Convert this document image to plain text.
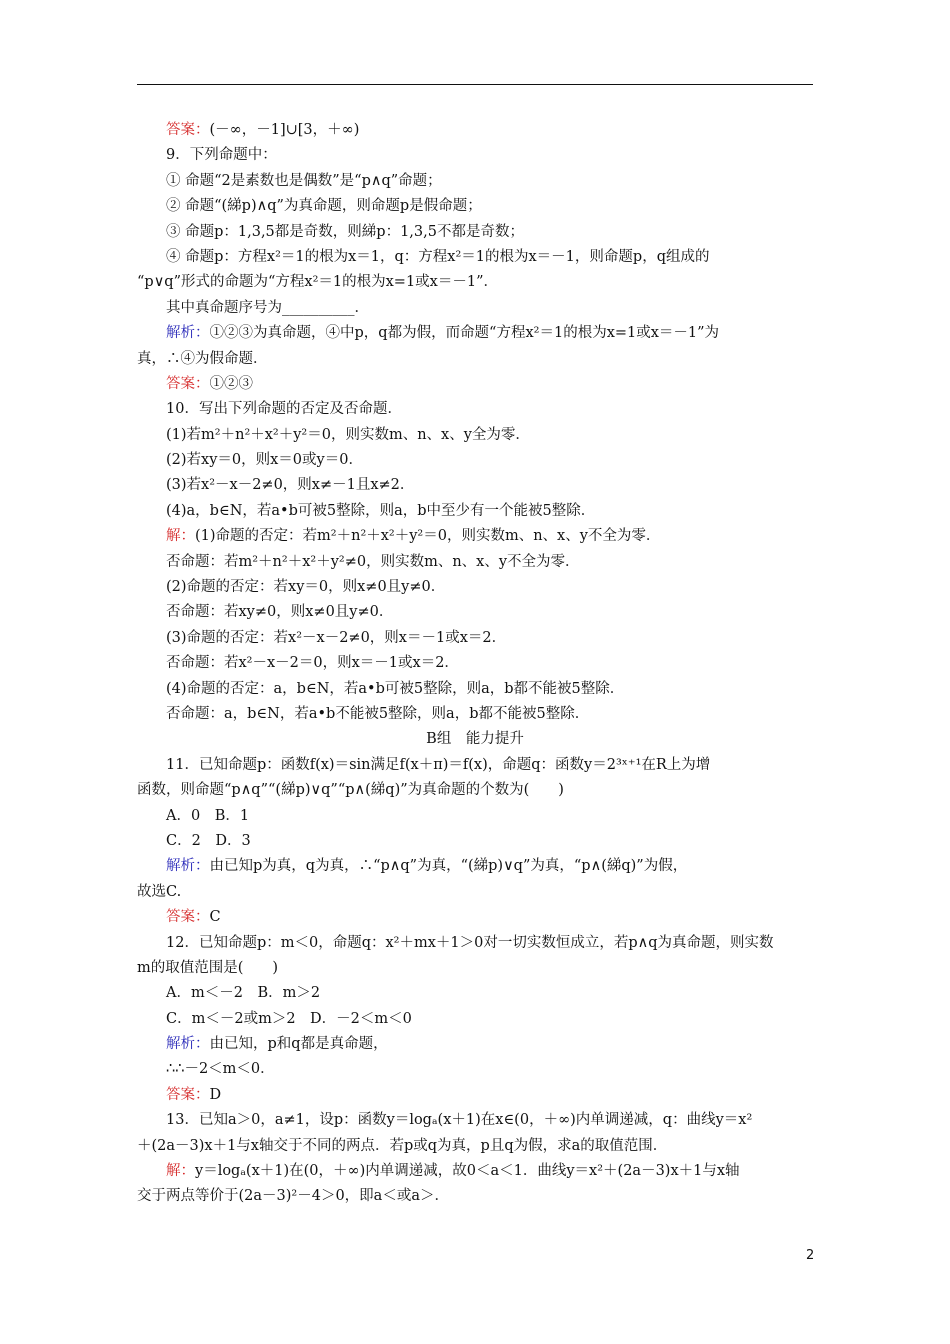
答案：(－∞，－1]∪[3，＋∞)
9．下列命题中：
① 命题“2是素数也是偶数”是“p∧q”命题；
② 命题“(綈p)∧q”为真命题，则命题p是假命题；
③ 命题p：1,3,5都是奇数，则綈p：1,3,5不都是奇数；
④ 命题p：方程x²＝1的根为x＝1，q：方程x²＝1的根为x＝－1，则命题p，q组成的
“p∨q”形式的命题为“方程x²＝1的根为x=1或x＝－1”．
其中真命题序号为__________．
解析：①②③为真命题，④中p，q都为假，而命题“方程x²＝1的根为x=1或x＝－1”为
真，∴④为假命题．
答案：①②③
10．写出下列命题的否定及否命题．
(1)若m²＋n²＋x²＋y²＝0，则实数m、n、x、y全为零．
(2)若xy＝0，则x＝0或y＝0．
(3)若x²－x－2≠0，则x≠－1且x≠2．
(4)a，b∈N，若a•b可被5整除，则a，b中至少有一个能被5整除．
解：(1)命题的否定：若m²＋n²＋x²＋y²＝0，则实数m、n、x、y不全为零．
否命题：若m²＋n²＋x²＋y²≠0，则实数m、n、x、y不全为零．
(2)命题的否定：若xy＝0，则x≠0且y≠0．
否命题：若xy≠0，则x≠0且y≠0．
(3)命题的否定：若x²－x－2≠0，则x＝－1或x＝2．
否命题：若x²－x－2＝0，则x＝－1或x＝2．
(4)命题的否定：a，b∈N，若a•b可被5整除，则a，b都不能被5整除．
否命题：a，b∈N，若a•b不能被5整除，则a，b都不能被5整除．
B组　能力提升
11．已知命题p：函数f(x)＝sin满足f(x＋π)＝f(x)，命题q：函数y＝2³ˣ⁺¹在R上为增
函数，则命题“p∧q”“(綈p)∨q”“p∧(綈q)”为真命题的个数为(　　)
A．0　B．1
C．2　D．3
解析：由已知p为真，q为真，∴“p∧q”为真，“(綈p)∨q”为真，“p∧(綈q)”为假，
故选C.
答案：C
12．已知命题p：m＜0，命题q：x²＋mx＋1＞0对一切实数恒成立，若p∧q为真命题，则实数
m的取值范围是(　　)
A．m＜－2　B．m＞2
C．m＜－2或m＞2　D．－2＜m＜0
解析：由已知，p和q都是真命题，
∴∴－2＜m＜0．
答案：D
13．已知a＞0，a≠1，设p：函数y＝logₐ(x＋1)在x∈(0，＋∞)内单调递减，q：曲线y＝x²
＋(2a－3)x＋1与x轴交于不同的两点．若p或q为真，p且q为假，求a的取值范围．
解：y＝logₐ(x＋1)在(0，＋∞)内单调递减，故0＜a＜1．曲线y＝x²＋(2a－3)x＋1与x轴
交于两点等价于(2a－3)²－4＞0，即a＜或a＞．
2
